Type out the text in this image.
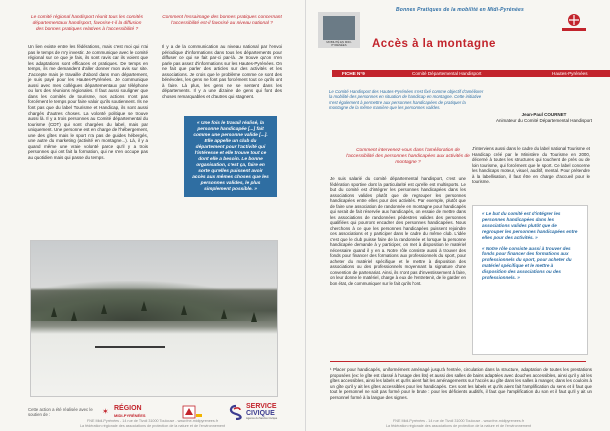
Le comité régional handisport réunit tous les comités départementaux handisport, favorise-t-il la diffusion des bonnes pratiques relatives à l'accessibilité ?
Comment l'essaimage des bonnes pratiques concernant l'accessibilité est-il favorisé au niveau national ?

Un lien existe entre les fédérations, mais c'est moi qui n'ai pas le temps de m'y investir. Je communique avec le comité régional sur ce que je fais, ils sont ravis car ils voient que les adaptations sont efficaces et pratiques. De temps en temps, ils me demandent d'aller donner mon avis sur site. J'accepte mais je travaille d'abord dans mon département, je suis payé pour les Hautes-Pyrénées. Je communique aussi avec mes collègues départementaux par téléphone ou lors des réunions régionales. Il faut aussi souligner que dans les comités de tourisme, nos actions n'ont pas forcément le temps pour faire valoir qu'ils soutiennent. Ils ne font pas que du label Tourisme et Handicap, ils sont aussi chargés d'autres choses. La volonté politique se trouve aussi là. Il y a trois personnes au Comité départemental du tourisme (CDT) qui sont chargées du label, mais par uniquement. Une personne est en charge de l'hébergement, une des gîtes mais le sport n'a pas de guides hébergés, une autre du marketing (activité en montagne...). Là, il y a quand même une vraie volonté parce qu'il y a trois personnes qui ont fait la formation, qui ne s'en occupe pas au quotidien mais qui passe du temps.

Il y a de la communication au niveau national par l'envoi périodique d'informations dans tous les départements pour diffuser ce qui se fait par-ci par-là. Je trouve qu'on n'en parle pas assez d'informations sur les Hautes-Pyrénées. On ne fait que parler des articles sur des activités et les associations. Je crois que le problème comme ce sont des bénévoles, les gens ne font pas forcément tout ce qu'ils ont à faire. Là plus, les gens ne se sentent dans les départements. Il y a une dizaine de gens qui font des choses remarquables et d'autres qui stagnent.

« Une fois le travail réalisé, la personne handicapée [...] fait comme une personne valide [...]. Elle appelle un club du département pour l'activité qui l'intéresse et elle trouve tout ce dont elle a besoin. Le bonne organisation, c'est ça, faire en sorte qu'elles puissent avoir accès aux mêmes choses que les personnes valides, le plus simplement possible. »
Cette action a été réalisée avec le soutien de :	✶ RÉGION
MIDI-PYRÉNÉES
SERVICE
CIVIQUE
Agence du Service Civique
FNE Midi-Pyrénées - 14 rue de Tivoli 31000 Toulouse - www.fne-midipyrenees.fr
La fédération régionale des associations de protection de la nature et de l'environnement
MOBILITÉ EN MIDI-PYRÉNÉES
Bonnes Pratiques de la mobilité en Midi-Pyrénées
Accès à la montagne
FICHE N°9	Comité Départemental Handisport	Hautes-Pyrénées
Le Comité Handisport des Hautes-Pyrénées s'est fixé comme objectif d'améliorer la mobilité des personnes en situation de handicap en montagne. Cette initiative s'est également à permettre aux personnes handicapées de pratiquer la montagne de la même manière que les personnes valides.
Jean-Paul COURNET
Animateur du Comité Départemental Handisport
Comment intervenez-vous dans l'amélioration de l'accessibilité des personnes handicapées aux activités de montagne ?
Je suis salarié du comité départemental handisport, c'est une fédération sportive dont la particularité est qu'elle est multisports. Le but du comité est d'intégrer les personnes handicapées dans les associations valides plutôt que de regrouper les personnes handicapées entre elles pour des activités. Par exemple, plutôt que de faire une association de randonnée en montagne pour handicapés qui serait de fait réservée aux handicapés, on essaie de mettre dans les associations de randonnées pédestres valides des personnes qualifiées qui pourront encadrer des personnes handicapées. Nous cherchons à ce que les personnes handicapées puissent rejoindre ces associations et y participer dans le cadre du même club. L'idée c'est que le club puisse faire de la randonnée et lorsque la personne handicapée demande à y participer, on met à disposition le matériel nécessaire quand il y en a. Notre rôle consiste aussi à trouver des fonds pour financer des formations aux professionnels du sport, pour acheter du matériel spécifique et le mettre à disposition des associations ou des professionnels moyennant la signature d'une convention de partenariat. Ainsi, ils n'ont pas d'investissement à faire, on leur donne le matériel, charge à eux de l'entretenir, de le garder en bon état, de communiquer sur le fait qu'ils l'ont.
J'interviens aussi dans le cadre du label national Tourisme et Handicap créé par le Ministère du Tourisme en 2000, décerné à toutes les structures qui touchent de près ou de loin tourisme, qui forcément que le sport. Ce label concerne les handicaps moteur, visuel, auditif, mental. Pour prétendre à la labellisation, il faut être en charge d'accueil pour le tourisme.

« Le but du comité est d'intégrer les personnes handicapées dans les associations valides plutôt que de regrouper les personnes handicapées entre elles pour des activités. »

« Notre rôle consiste aussi à trouver des fonds pour financer des formations aux professionnels du sport, pour acheter du matériel spécifique et le mettre à disposition des associations ou des professionnels. »

¹ Placer pour handicapés, uniformément aménagé jusqu'à l'entrée, circulation dans la structure, adaptation de toutes les prestations proposées (ex: le gîte est classé à l'usage des lits) et aussi des salles de bains adaptées avec douches accessibles, ainsi qu'il y ait les gîtes accessibles, ainsi les labels et qu'ils aient fait les aménagements sur l'accès au gîte dans les salles à manger, dans les couloirs à un gîte qu'il y ait les gîtes accessibles pour les handicapés. Ces sont les labels et qu'ils aient fait l'amplification du sens et il faut que tout le personnel ne soit pas formé pour le brute : pour les déficients auditifs, il faut que l'amplification du son et il faut qu'il y ait un personnel formé à la langue des signes.
FNE Midi-Pyrénées - 14 rue de Tivoli 31000 Toulouse - www.fne-midipyrenees.fr
La fédération régionale des associations de protection de la nature et de l'environnement
